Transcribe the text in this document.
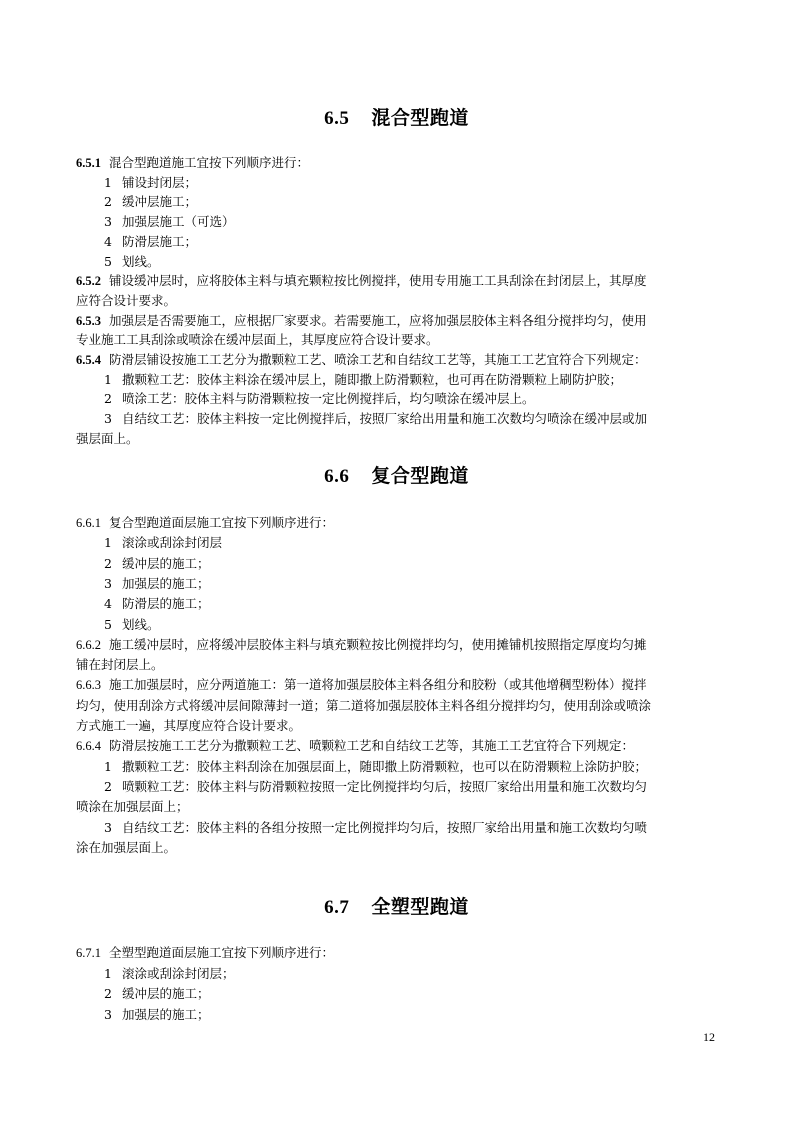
6.5 混合型跑道
6.5.1 混合型跑道施工宜按下列顺序进行：
1 铺设封闭层；
2 缓冲层施工；
3 加强层施工（可选）
4 防滑层施工；
5 划线。
6.5.2 铺设缓冲层时，应将胶体主料与填充颗粒按比例搅拌，使用专用施工工具刮涂在封闭层上，其厚度
应符合设计要求。
6.5.3 加强层是否需要施工，应根据厂家要求。若需要施工，应将加强层胶体主料各组分搅拌均匀，使用
专业施工工具刮涂或喷涂在缓冲层面上，其厚度应符合设计要求。
6.5.4 防滑层铺设按施工工艺分为撒颗粒工艺、喷涂工艺和自结纹工艺等，其施工工艺宜符合下列规定：
1 撒颗粒工艺：胶体主料涂在缓冲层上，随即撒上防滑颗粒，也可再在防滑颗粒上刷防护胶；
2 喷涂工艺：胶体主料与防滑颗粒按一定比例搅拌后，均匀喷涂在缓冲层上。
3 自结纹工艺：胶体主料按一定比例搅拌后，按照厂家给出用量和施工次数均匀喷涂在缓冲层或加
强层面上。
6.6 复合型跑道
6.6.1 复合型跑道面层施工宜按下列顺序进行：
1 滚涂或刮涂封闭层
2 缓冲层的施工；
3 加强层的施工；
4 防滑层的施工；
5 划线。
6.6.2 施工缓冲层时，应将缓冲层胶体主料与填充颗粒按比例搅拌均匀，使用摊铺机按照指定厚度均匀摊
铺在封闭层上。
6.6.3 施工加强层时，应分两道施工：第一道将加强层胶体主料各组分和胶粉（或其他增稠型粉体）搅拌
均匀，使用刮涂方式将缓冲层间隙薄封一道；第二道将加强层胶体主料各组分搅拌均匀，使用刮涂或喷涂
方式施工一遍，其厚度应符合设计要求。
6.6.4 防滑层按施工工艺分为撒颗粒工艺、喷颗粒工艺和自结纹工艺等，其施工工艺宜符合下列规定：
1 撒颗粒工艺：胶体主料刮涂在加强层面上，随即撒上防滑颗粒，也可以在防滑颗粒上涂防护胶；
2 喷颗粒工艺：胶体主料与防滑颗粒按照一定比例搅拌均匀后，按照厂家给出用量和施工次数均匀
喷涂在加强层面上；
3 自结纹工艺：胶体主料的各组分按照一定比例搅拌均匀后，按照厂家给出用量和施工次数均匀喷
涂在加强层面上。
6.7 全塑型跑道
6.7.1 全塑型跑道面层施工宜按下列顺序进行：
1 滚涂或刮涂封闭层；
2 缓冲层的施工；
3 加强层的施工；
12
